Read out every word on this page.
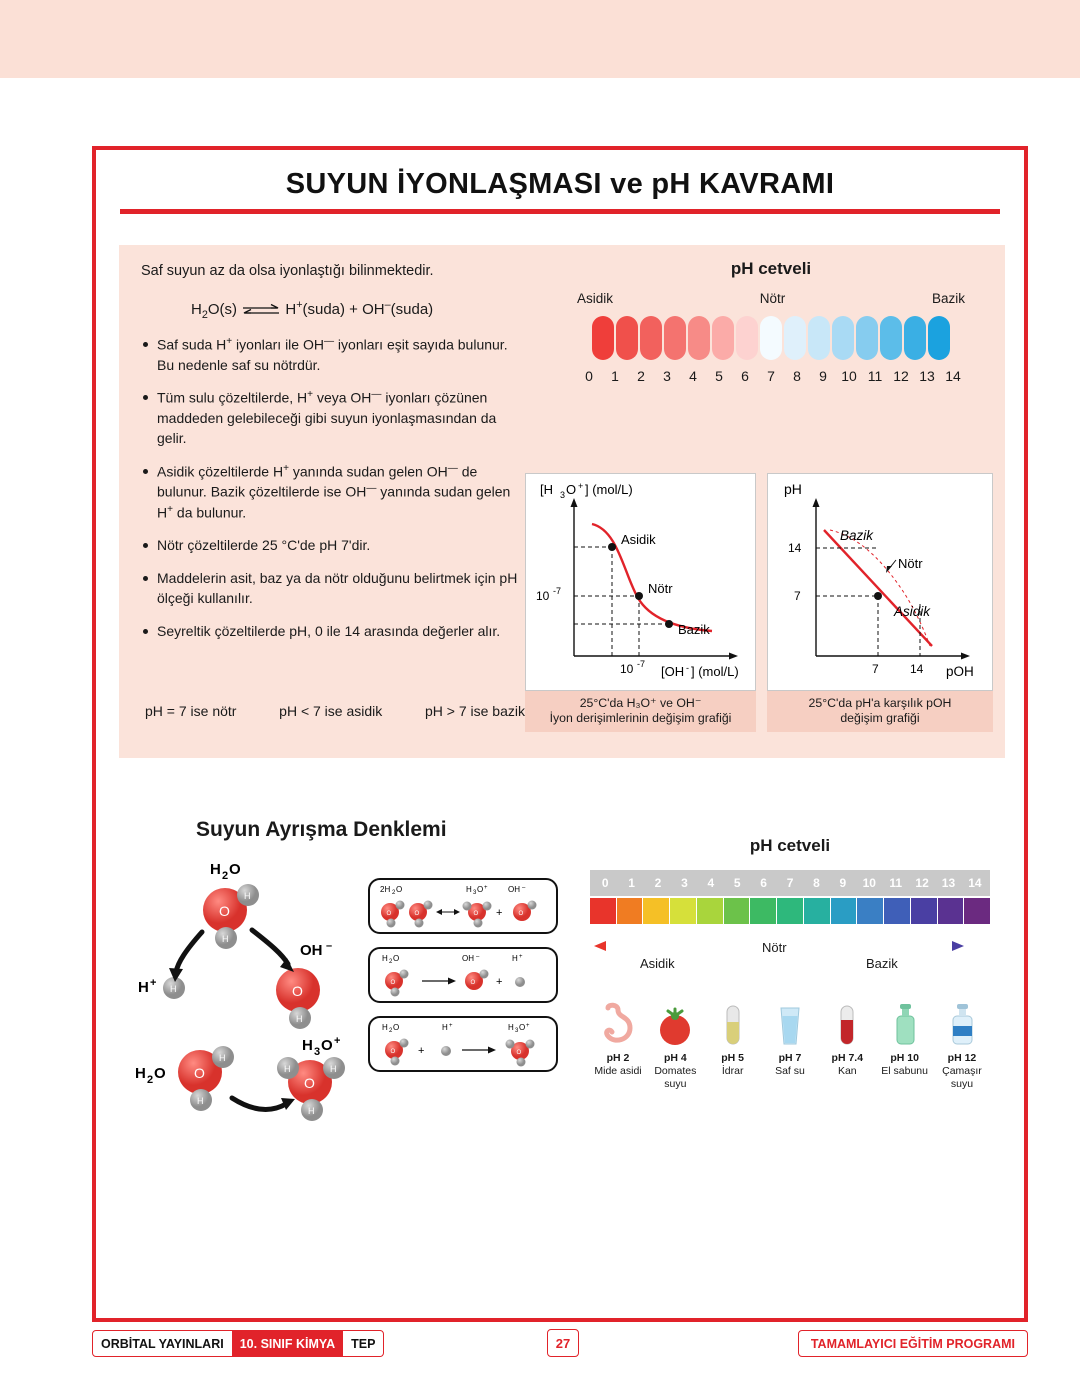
SUYUN İYONLAŞMASI ve pH KAVRAMI
Saf suyun az da olsa iyonlaştığı bilinmektedir.
$H_2O(s)$ ⇌ H+(suda) + OH–(suda)
Saf suda H+ iyonları ile OH— iyonları eşit sayıda bulunur. Bu nedenle saf su nötrdür.
Tüm sulu çözeltilerde, H+ veya OH— iyonları çözünen maddeden gelebileceği gibi suyun iyonlaşmasından da gelir.
Asidik çözeltilerde H+ yanında sudan gelen OH— de bulunur. Bazik çözeltilerde ise OH— yanında sudan gelen H+ da bulunur.
Nötr çözeltilerde 25 °C'de pH 7'dir.
Maddelerin asit, baz ya da nötr olduğunu belirtmek için pH ölçeği kullanılır.
Seyreltik çözeltilerde pH, 0 ile 14 arasında değerler alır.
pH = 7 ise nötr	pH < 7 ise asidik	pH > 7 ise bazik
pH cetveli
Asidik	Nötr	Bazik
0	1	2	3	4	5	6	7	8	9	10 11 12 13 14
[H 3 O + ] (mol/L)
Asidik
Nötr
Bazik
10 -7
10 -7 [OH - ] (mol/L)
25°C'da H₃O⁺ ve OH⁻
İyon derişimlerinin değişim grafiği
pH
14
7
7	14
Bazik
Nötr
Asidik
pOH
25°C'da pH'a karşılık pOH
değişim grafiği
Suyun Ayrışma Denklemi
H 2 O
O
H
H
OH –
O
H
H + H
H 2 O O
H
H
H 3 O +
O
H	H
H
2H 2 O	H 3 O +	OH –
O	O	O +	O
H 2 O	OH –	H +
O	O +
H 2 O	H +	H 3 O +
O +	O
pH cetveli
0	1	2	3	4	5	6	7	8	9	10	11	12	13	14
Asidik
Nötr
Bazik
pH 2
Mide asidi
pH 4
Domates suyu
pH 5
İdrar
pH 7
Saf su
pH 7.4
Kan
pH 10
El sabunu
pH 12
Çamaşır suyu
ORBİTAL YAYINLARI	10. SINIF KİMYA	TEP	27	TAMAMLAYICI EĞİTİM PROGRAMI
